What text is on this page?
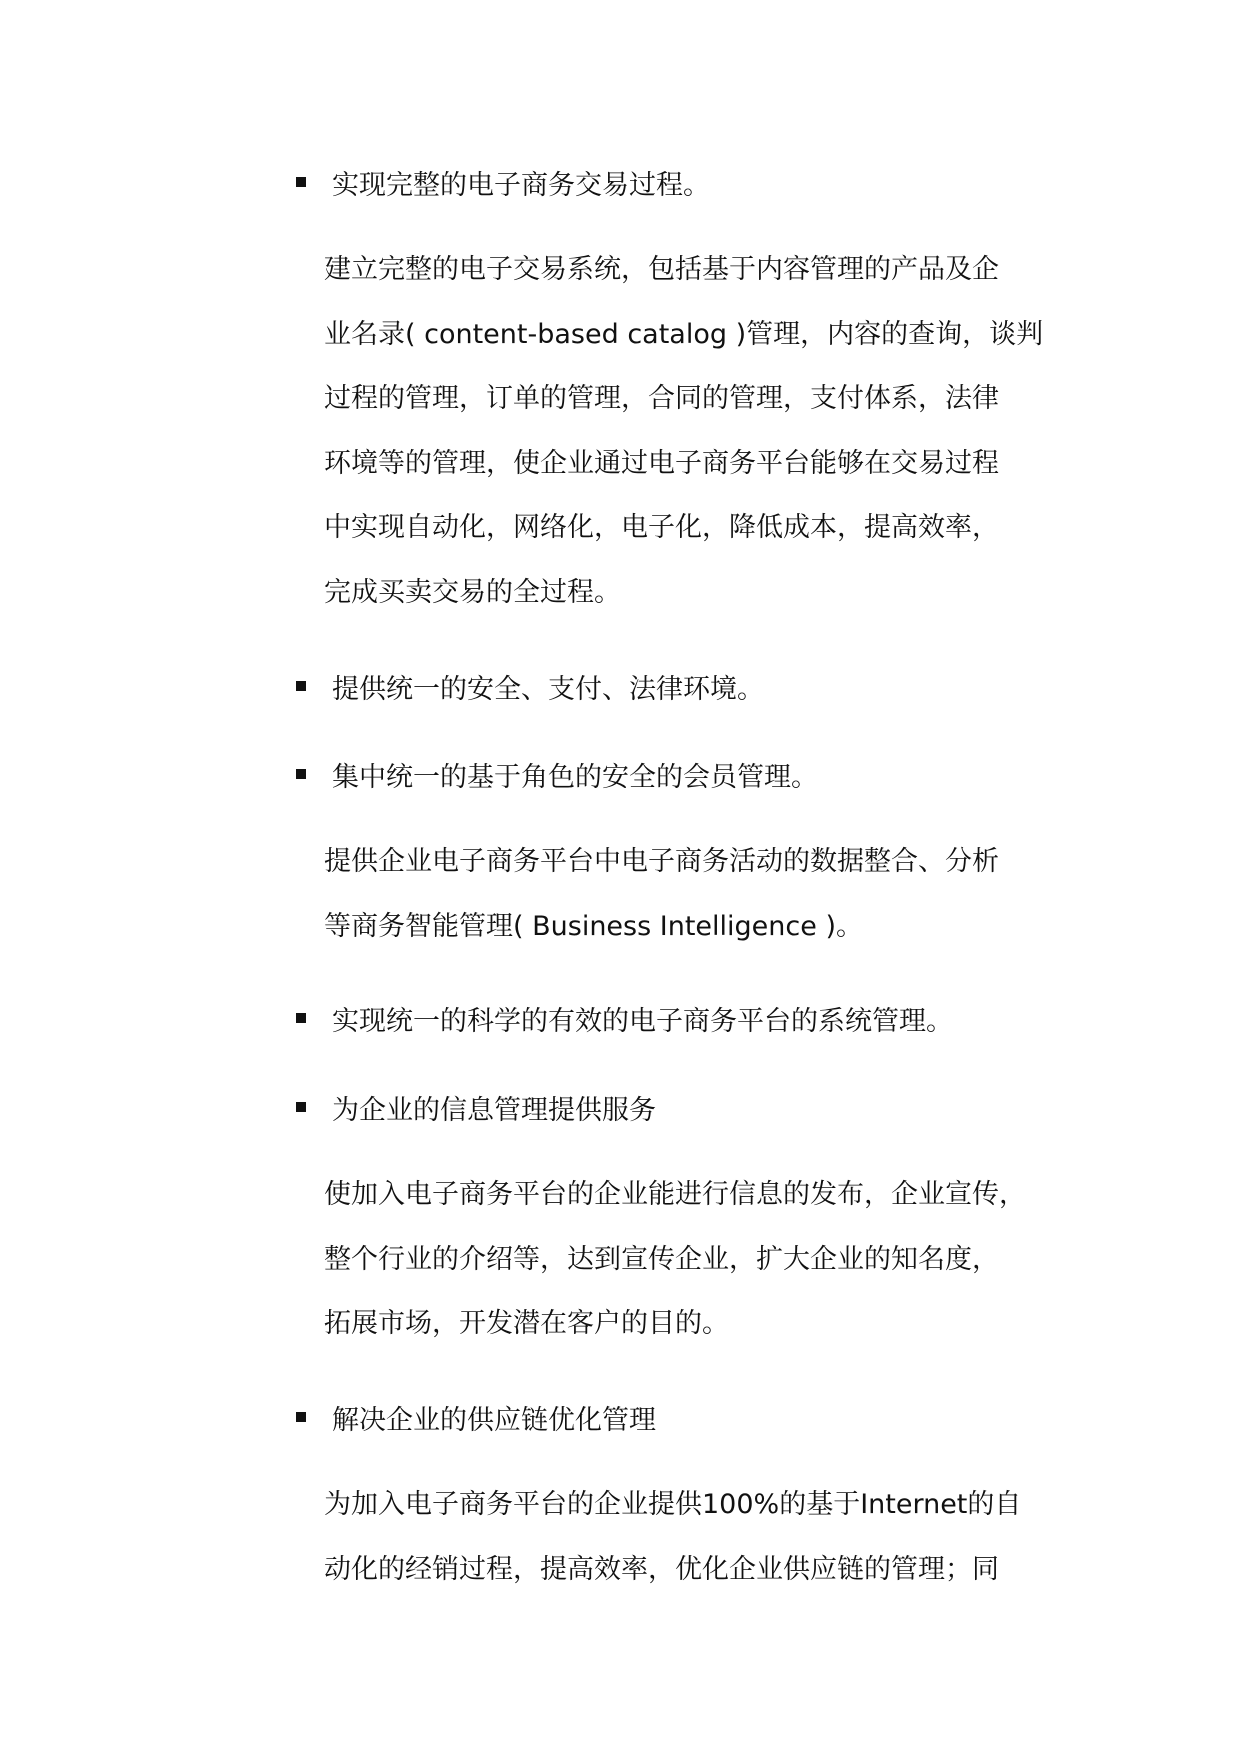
实现完整的电子商务交易过程。
建立完整的电子交易系统，包括基于内容管理的产品及企
业名录( content-based catalog )管理，内容的查询，谈判
过程的管理，订单的管理，合同的管理，支付体系，法律
环境等的管理，使企业通过电子商务平台能够在交易过程
中实现自动化，网络化，电子化，降低成本，提高效率，
完成买卖交易的全过程。
提供统一的安全、支付、法律环境。
集中统一的基于角色的安全的会员管理。
提供企业电子商务平台中电子商务活动的数据整合、分析
等商务智能管理( Business Intelligence )。
实现统一的科学的有效的电子商务平台的系统管理。
为企业的信息管理提供服务
使加入电子商务平台的企业能进行信息的发布，企业宣传，
整个行业的介绍等，达到宣传企业，扩大企业的知名度，
拓展市场，开发潜在客户的目的。
解决企业的供应链优化管理
为加入电子商务平台的企业提供100%的基于Internet的自
动化的经销过程，提高效率，优化企业供应链的管理；同
